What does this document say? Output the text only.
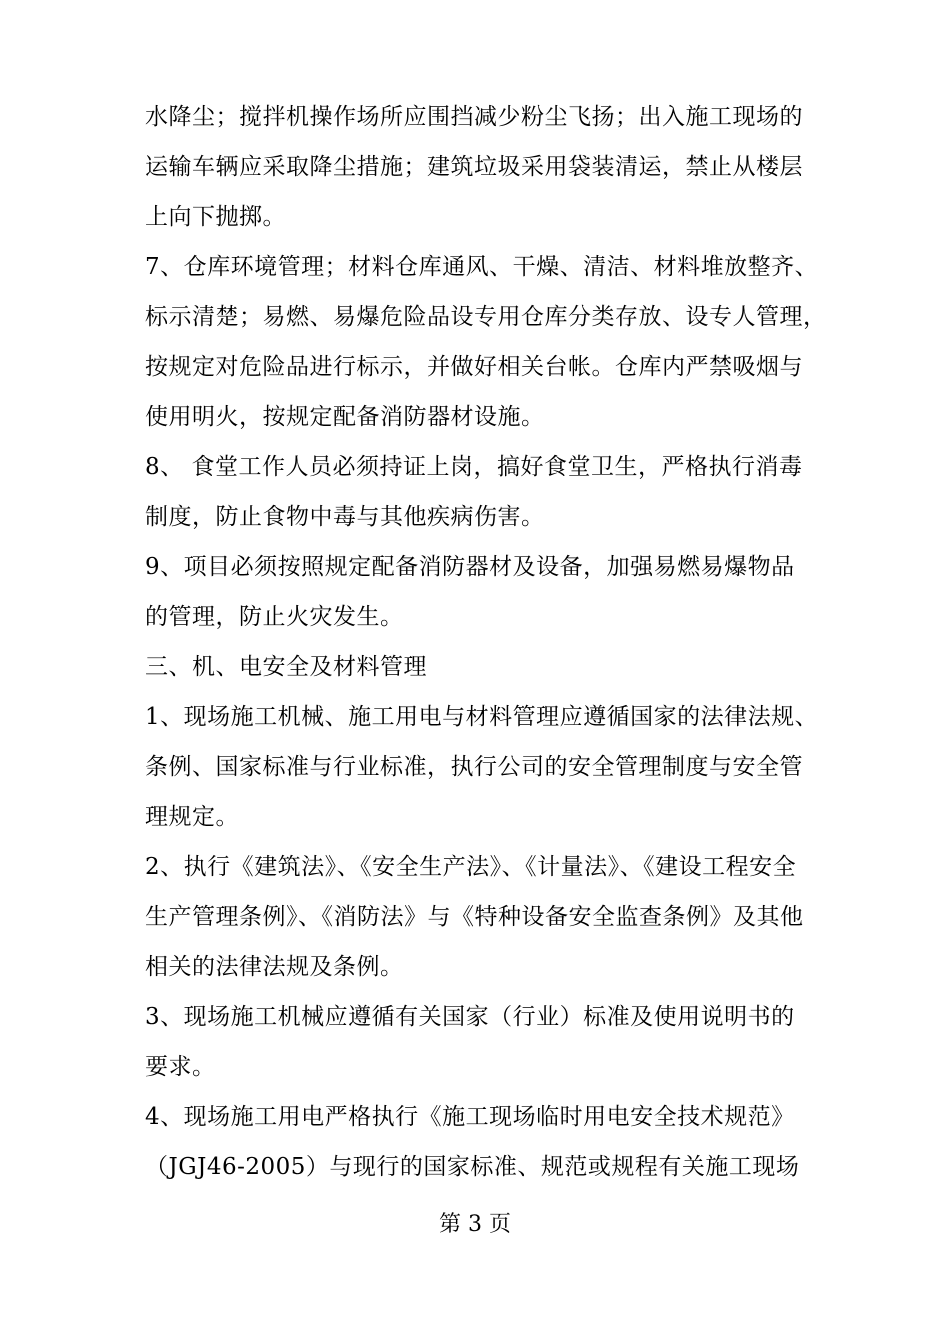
水降尘；搅拌机操作场所应围挡减少粉尘飞扬；出入施工现场的
运输车辆应采取降尘措施；建筑垃圾采用袋装清运，禁止从楼层
上向下抛掷。
7、仓库环境管理；材料仓库通风、干燥、清洁、材料堆放整齐、
标示清楚；易燃、易爆危险品设专用仓库分类存放、设专人管理，
按规定对危险品进行标示，并做好相关台帐。仓库内严禁吸烟与
使用明火，按规定配备消防器材设施。
8、 食堂工作人员必须持证上岗，搞好食堂卫生，严格执行消毒
制度，防止食物中毒与其他疾病伤害。
9、项目必须按照规定配备消防器材及设备，加强易燃易爆物品
的管理，防止火灾发生。
三、机、电安全及材料管理
1、现场施工机械、施工用电与材料管理应遵循国家的法律法规、
条例、国家标准与行业标准，执行公司的安全管理制度与安全管
理规定。
2、执行《建筑法》、《安全生产法》、《计量法》、《建设工程安全
生产管理条例》、《消防法》与《特种设备安全监查条例》及其他
相关的法律法规及条例。
3、现场施工机械应遵循有关国家（行业）标准及使用说明书的
要求。
4、现场施工用电严格执行《施工现场临时用电安全技术规范》
（JGJ46-2005）与现行的国家标准、规范或规程有关施工现场
第 3 页
